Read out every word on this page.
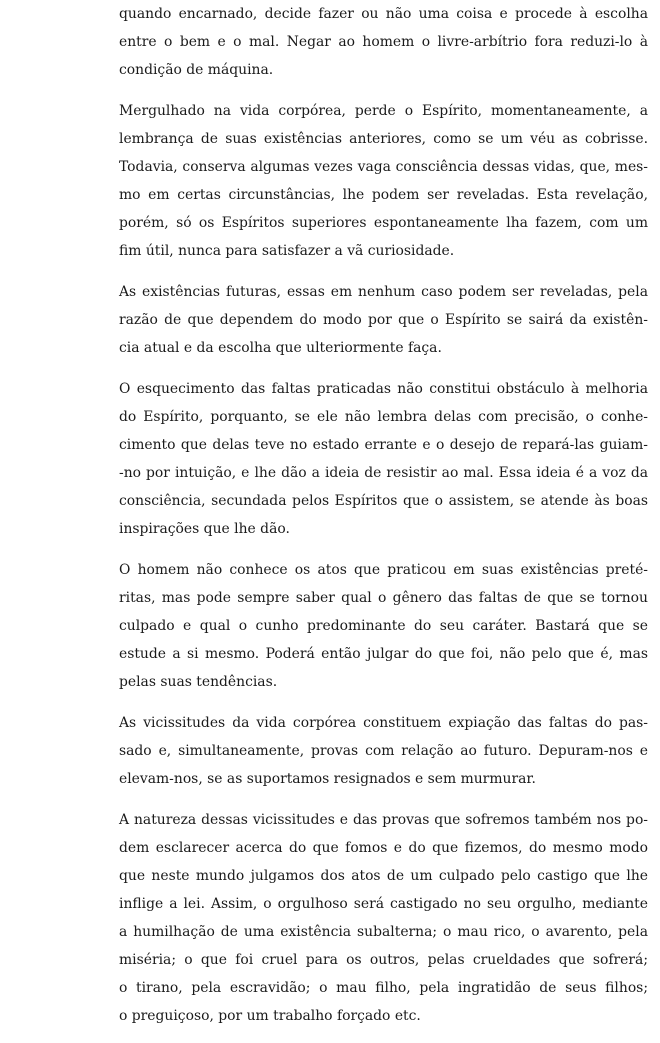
quando encarnado, decide fazer ou não uma coisa e procede à escolha
entre o bem e o mal. Negar ao homem o livre-arbítrio fora reduzi-lo à
condição de máquina.
Mergulhado na vida corpórea, perde o Espírito, momentaneamente, a
lembrança de suas existências anteriores, como se um véu as cobrisse.
Todavia, conserva algumas vezes vaga consciência dessas vidas, que, mes-
mo em certas circunstâncias, lhe podem ser reveladas. Esta revelação,
porém, só os Espíritos superiores espontaneamente lha fazem, com um
fim útil, nunca para satisfazer a vã curiosidade.
As existências futuras, essas em nenhum caso podem ser reveladas, pela
razão de que dependem do modo por que o Espírito se sairá da existên-
cia atual e da escolha que ulteriormente faça.
O esquecimento das faltas praticadas não constitui obstáculo à melhoria
do Espírito, porquanto, se ele não lembra delas com precisão, o conhe-
cimento que delas teve no estado errante e o desejo de repará-las guiam-
-no por intuição, e lhe dão a ideia de resistir ao mal. Essa ideia é a voz da
consciência, secundada pelos Espíritos que o assistem, se atende às boas
inspirações que lhe dão.
O homem não conhece os atos que praticou em suas existências preté-
ritas, mas pode sempre saber qual o gênero das faltas de que se tornou
culpado e qual o cunho predominante do seu caráter. Bastará que se
estude a si mesmo. Poderá então julgar do que foi, não pelo que é, mas
pelas suas tendências.
As vicissitudes da vida corpórea constituem expiação das faltas do pas-
sado e, simultaneamente, provas com relação ao futuro. Depuram-nos e
elevam-nos, se as suportamos resignados e sem murmurar.
A natureza dessas vicissitudes e das provas que sofremos também nos po-
dem esclarecer acerca do que fomos e do que fizemos, do mesmo modo
que neste mundo julgamos dos atos de um culpado pelo castigo que lhe
inflige a lei. Assim, o orgulhoso será castigado no seu orgulho, mediante
a humilhação de uma existência subalterna; o mau rico, o avarento, pela
miséria; o que foi cruel para os outros, pelas crueldades que sofrerá;
o tirano, pela escravidão; o mau filho, pela ingratidão de seus filhos;
o preguiçoso, por um trabalho forçado etc.
